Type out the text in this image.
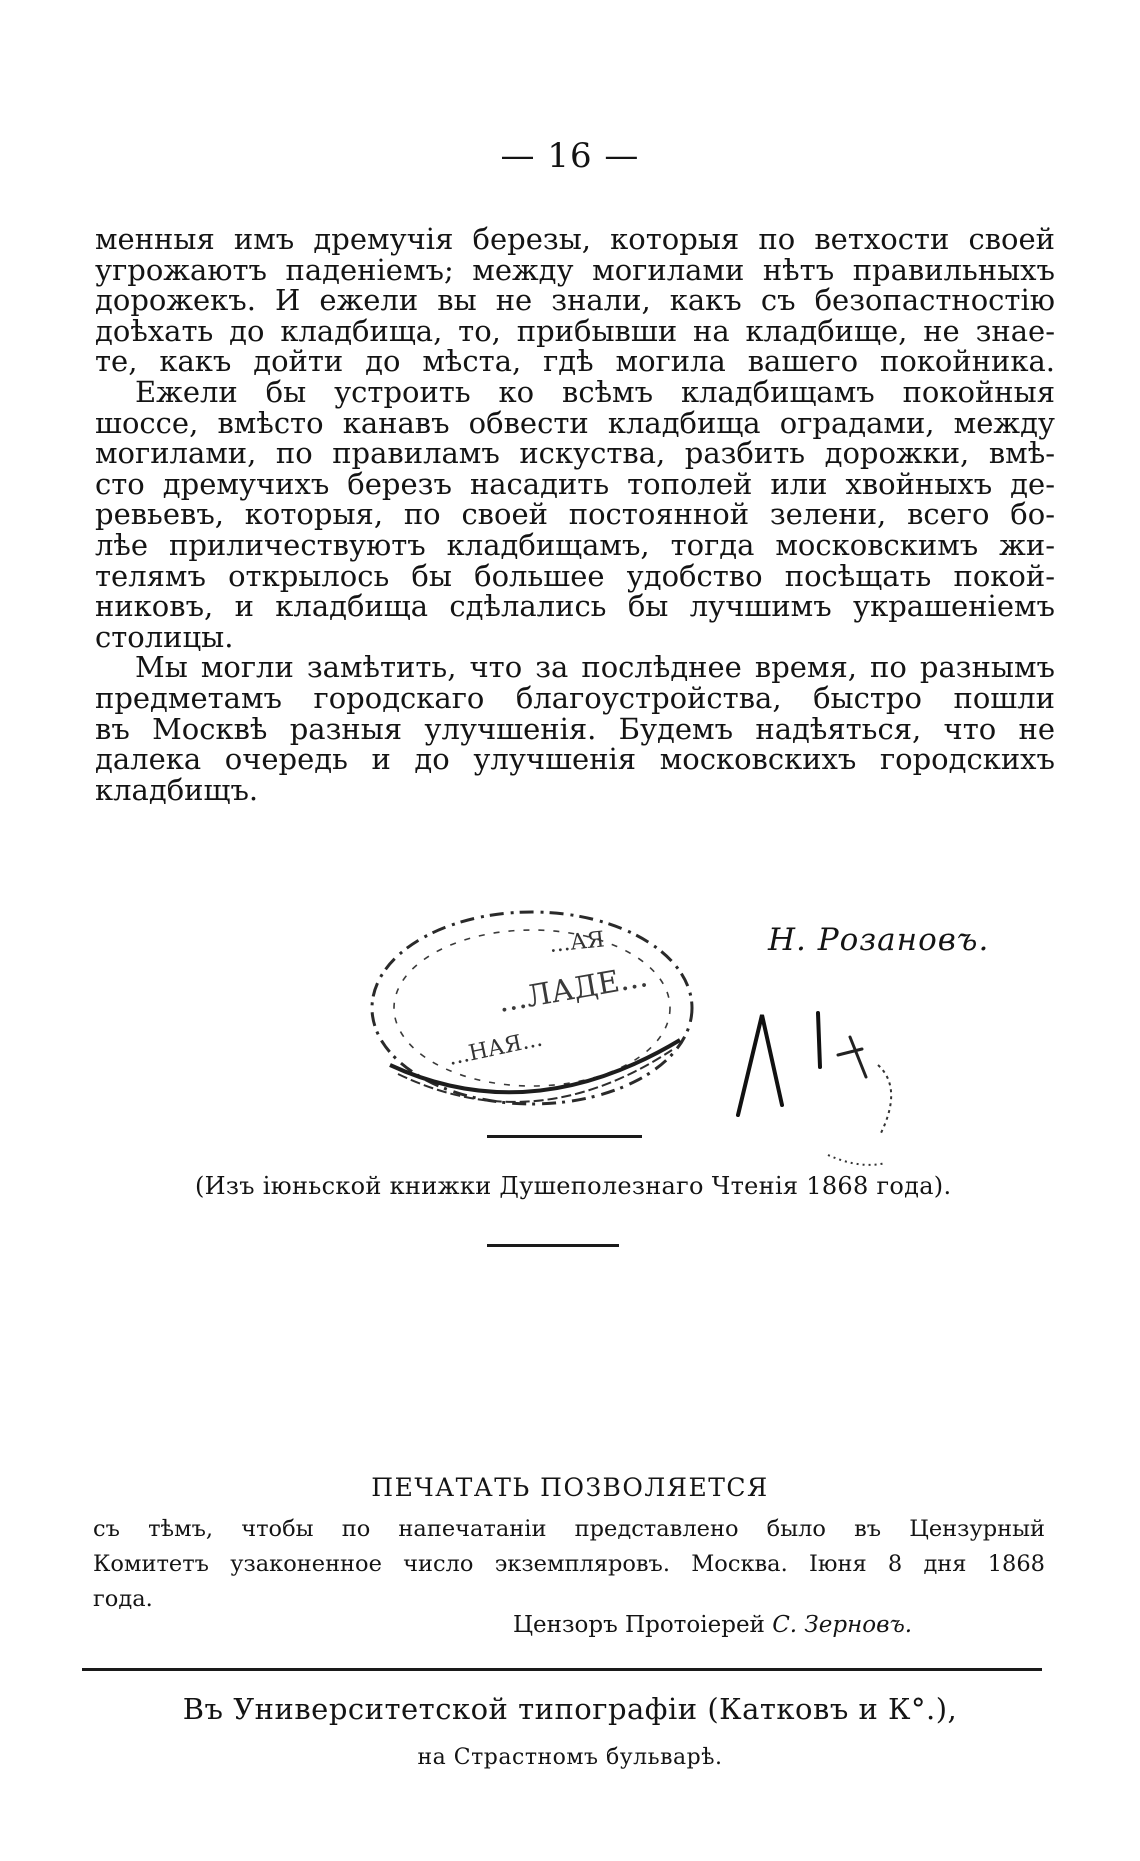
— 16 —

менныя имъ дремучія березы, которыя по ветхости своей
угрожаютъ паденіемъ; между могилами нѣтъ правильныхъ
дорожекъ. И ежели вы не знали, какъ съ безопастностію
доѣхать до кладбища, то, прибывши на кладбище, не знае-
те, какъ дойти до мѣста, гдѣ могила вашего покойника.

Ежели бы устроить ко всѣмъ кладбищамъ покойныя
шоссе, вмѣсто канавъ обвести кладбища оградами, между
могилами, по правиламъ искуства, разбить дорожки, вмѣ-
сто дремучихъ березъ насадить тополей или хвойныхъ де-
ревьевъ, которыя, по своей постоянной зелени, всего бо-
лѣе приличествуютъ кладбищамъ, тогда московскимъ жи-
телямъ открылось бы большее удобство посѣщать покой-
никовъ, и кладбища сдѣлались бы лучшимъ украшеніемъ
столицы.

Мы могли замѣтить, что за послѣднее время, по разнымъ
предметамъ городскаго благоустройства, быстро пошли
въ Москвѣ разныя улучшенія. Будемъ надѣяться, что не
далека очередь и до улучшенія московскихъ городскихъ
кладбищъ.

Н. Розановъ.
...АЯ
...ЛАДЕ...
...НАЯ...
(Изъ іюньской книжки Душеполезнаго Чтенія 1868 года).
ПЕЧАТАТЬ ПОЗВОЛЯЕТСЯ
съ тѣмъ, чтобы по напечатаніи представлено было въ Цензурный
Комитетъ узаконенное число экземпляровъ. Москва. Іюня 8 дня 1868
года.
Цензоръ Протоіерей С. Зерновъ.
Въ Университетской типографіи (Катковъ и К°.),
на Страстномъ бульварѣ.
